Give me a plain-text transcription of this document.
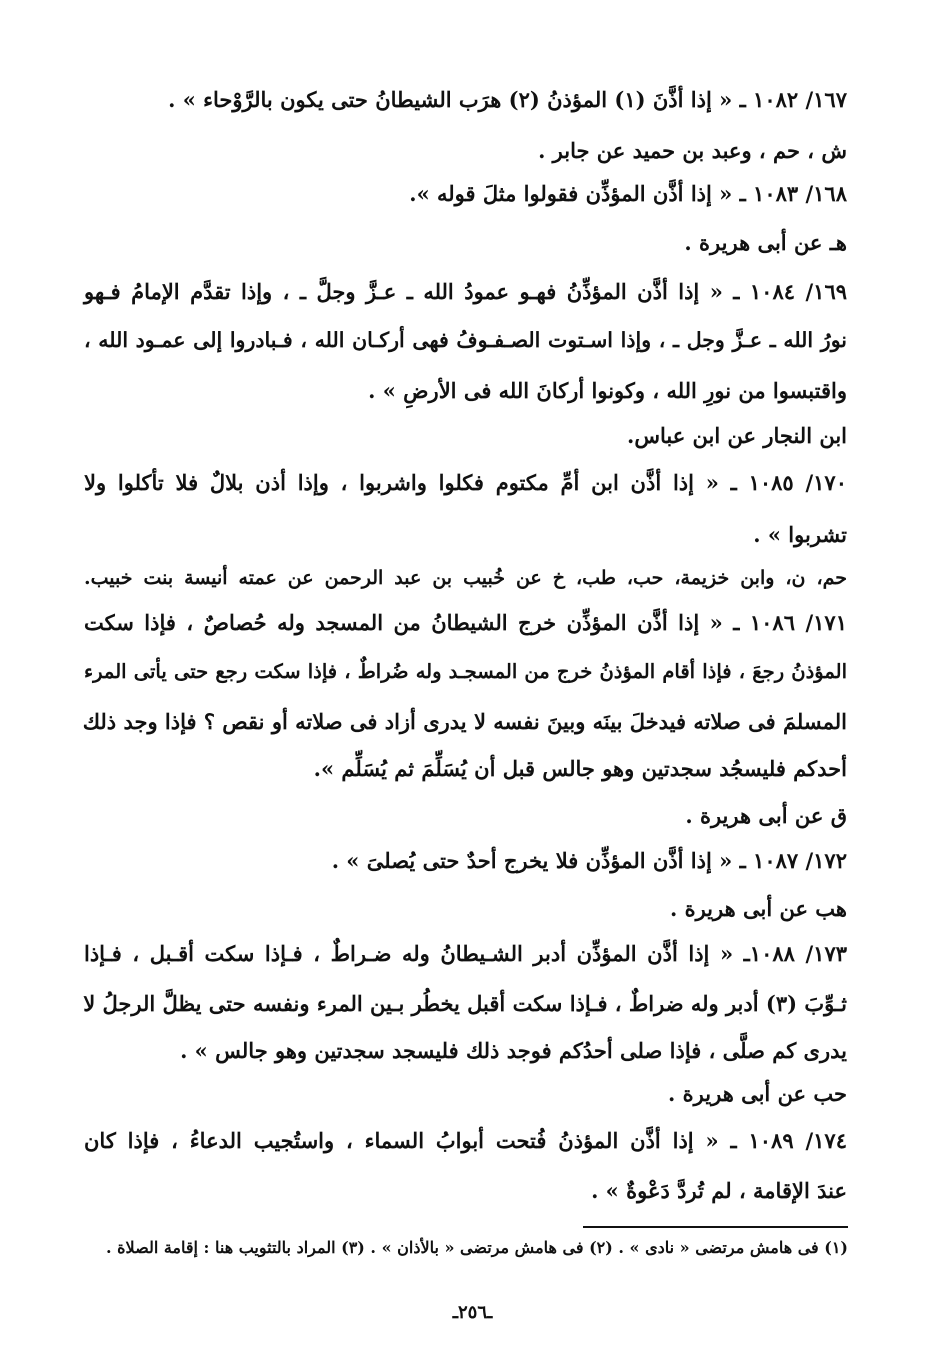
١٦٧/ ١٠٨٢ ـ « إذا أذَّنَ (١) المؤذنُ (٢) هرَب الشيطانُ حتى يكون بالرَّوْحاء » .

ش ، حم ، وعبد بن حميد عن جابر .

١٦٨/ ١٠٨٣ ـ « إذا أذَّن المؤذِّن فقولوا مثلَ قوله ».

هـ عن أبى هريرة .

١٦٩/ ١٠٨٤ ـ « إذا أذَّن المؤذِّنُ فهـو عمودُ الله ـ عـزَّ وجلَّ ـ ، وإذا تقدَّم الإمامُ فـهو

نورُ الله ـ عـزَّ وجل ـ ، وإذا اسـتوت الصـفـوفُ فهى أركـان الله ، فـبادروا إلى عمـود الله ،

واقتبسوا من نورِ الله ، وكونوا أركانَ الله فى الأرضِ » .

ابن النجار عن ابن عباس.

١٧٠/ ١٠٨٥ ـ « إذا أذَّن ابن أمِّ مكتوم فكلوا واشربوا ، وإذا أذن بلالٌ فلا تأكلوا ولا

تشربوا » .

حم، ن، وابن خزيمة، حب، طب، خ عن خُبيب بن عبد الرحمن عن عمته أنيسة بنت خبيب.

١٧١/ ١٠٨٦ ـ « إذا أذَّن المؤذِّن خرج الشيطانُ من المسجد وله حُصاصٌ ، فإذا سكت

المؤذنُ رجعَ ، فإذا أقام المؤذنُ خرج من المسجـد وله ضُراطٌ ، فإذا سكت رجع حتى يأتى المرء

المسلمَ فى صلاته فيدخلَ بينَه وبينَ نفسه لا يدرى أزاد فى صلاته أو نقص ؟ فإذا وجد ذلك

أحدكم فليسجُد سجدتين وهو جالس قبل أن يُسَلِّمَ ثم يُسَلِّم ».

ق عن أبى هريرة .

١٧٢/ ١٠٨٧ ـ « إذا أذَّن المؤذِّن فلا يخرج أحدٌ حتى يُصلىَ » .

هب عن أبى هريرة .

١٧٣/ ١٠٨٨ـ « إذا أذَّن المؤذِّن أدبر الشـيطانُ وله ضـراطٌ ، فـإذا سكت أقـبل ، فـإذا

ثـوِّبَ (٣) أدبر وله ضراطٌ ، فـإذا سكت أقبل يخطُر بـين المرء ونفسه حتى يظلَّ الرجلُ لا

يدرى كم صلَّى ، فإذا صلى أحدُكم فوجد ذلك فليسجد سجدتين وهو جالس » .

حب عن أبى هريرة .

١٧٤/ ١٠٨٩ ـ « إذا أذَّن المؤذنُ فُتحت أبوابُ السماء ، واستُجيب الدعاءُ ، فإذا كان

عندَ الإقامة ، لم تُردَّ دَعْوةٌ » .

(١) فى هامش مرتضى « نادى » . (٢) فى هامش مرتضى « بالأذان » . (٣) المراد بالتثويب هنا : إقامة الصلاة .

ـ٢٥٦ـ
